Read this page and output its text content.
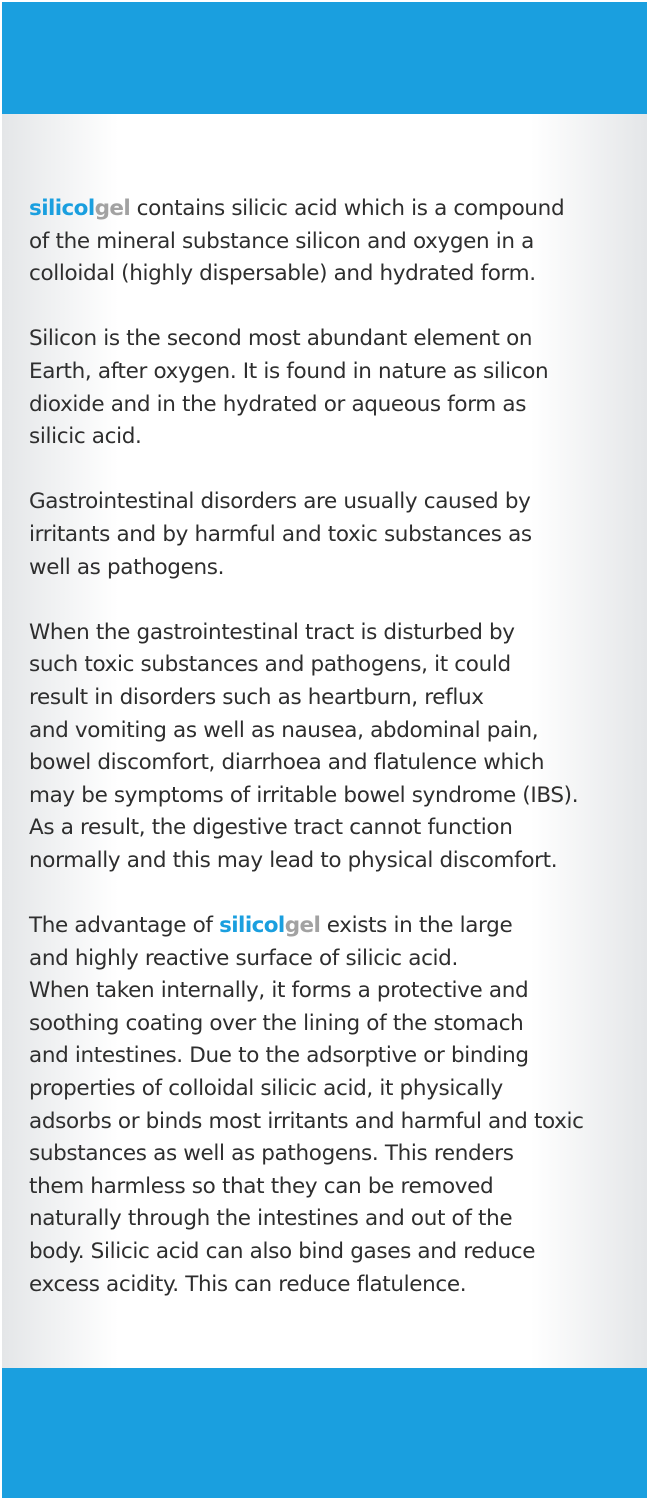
silicolgel contains silicic acid which is a compound
of the mineral substance silicon and oxygen in a
colloidal (highly dispersable) and hydrated form.

Silicon is the second most abundant element on
Earth, after oxygen. It is found in nature as silicon
dioxide and in the hydrated or aqueous form as
silicic acid.

Gastrointestinal disorders are usually caused by
irritants and by harmful and toxic substances as
well as pathogens.

When the gastrointestinal tract is disturbed by
such toxic substances and pathogens, it could
result in disorders such as heartburn, reflux
and vomiting as well as nausea, abdominal pain,
bowel discomfort, diarrhoea and flatulence which
may be symptoms of irritable bowel syndrome (IBS).
As a result, the digestive tract cannot function
normally and this may lead to physical discomfort.

The advantage of silicolgel exists in the large
and highly reactive surface of silicic acid.
When taken internally, it forms a protective and
soothing coating over the lining of the stomach
and intestines. Due to the adsorptive or binding
properties of colloidal silicic acid, it physically
adsorbs or binds most irritants and harmful and toxic
substances as well as pathogens. This renders
them harmless so that they can be removed
naturally through the intestines and out of the
body. Silicic acid can also bind gases and reduce
excess acidity. This can reduce flatulence.
